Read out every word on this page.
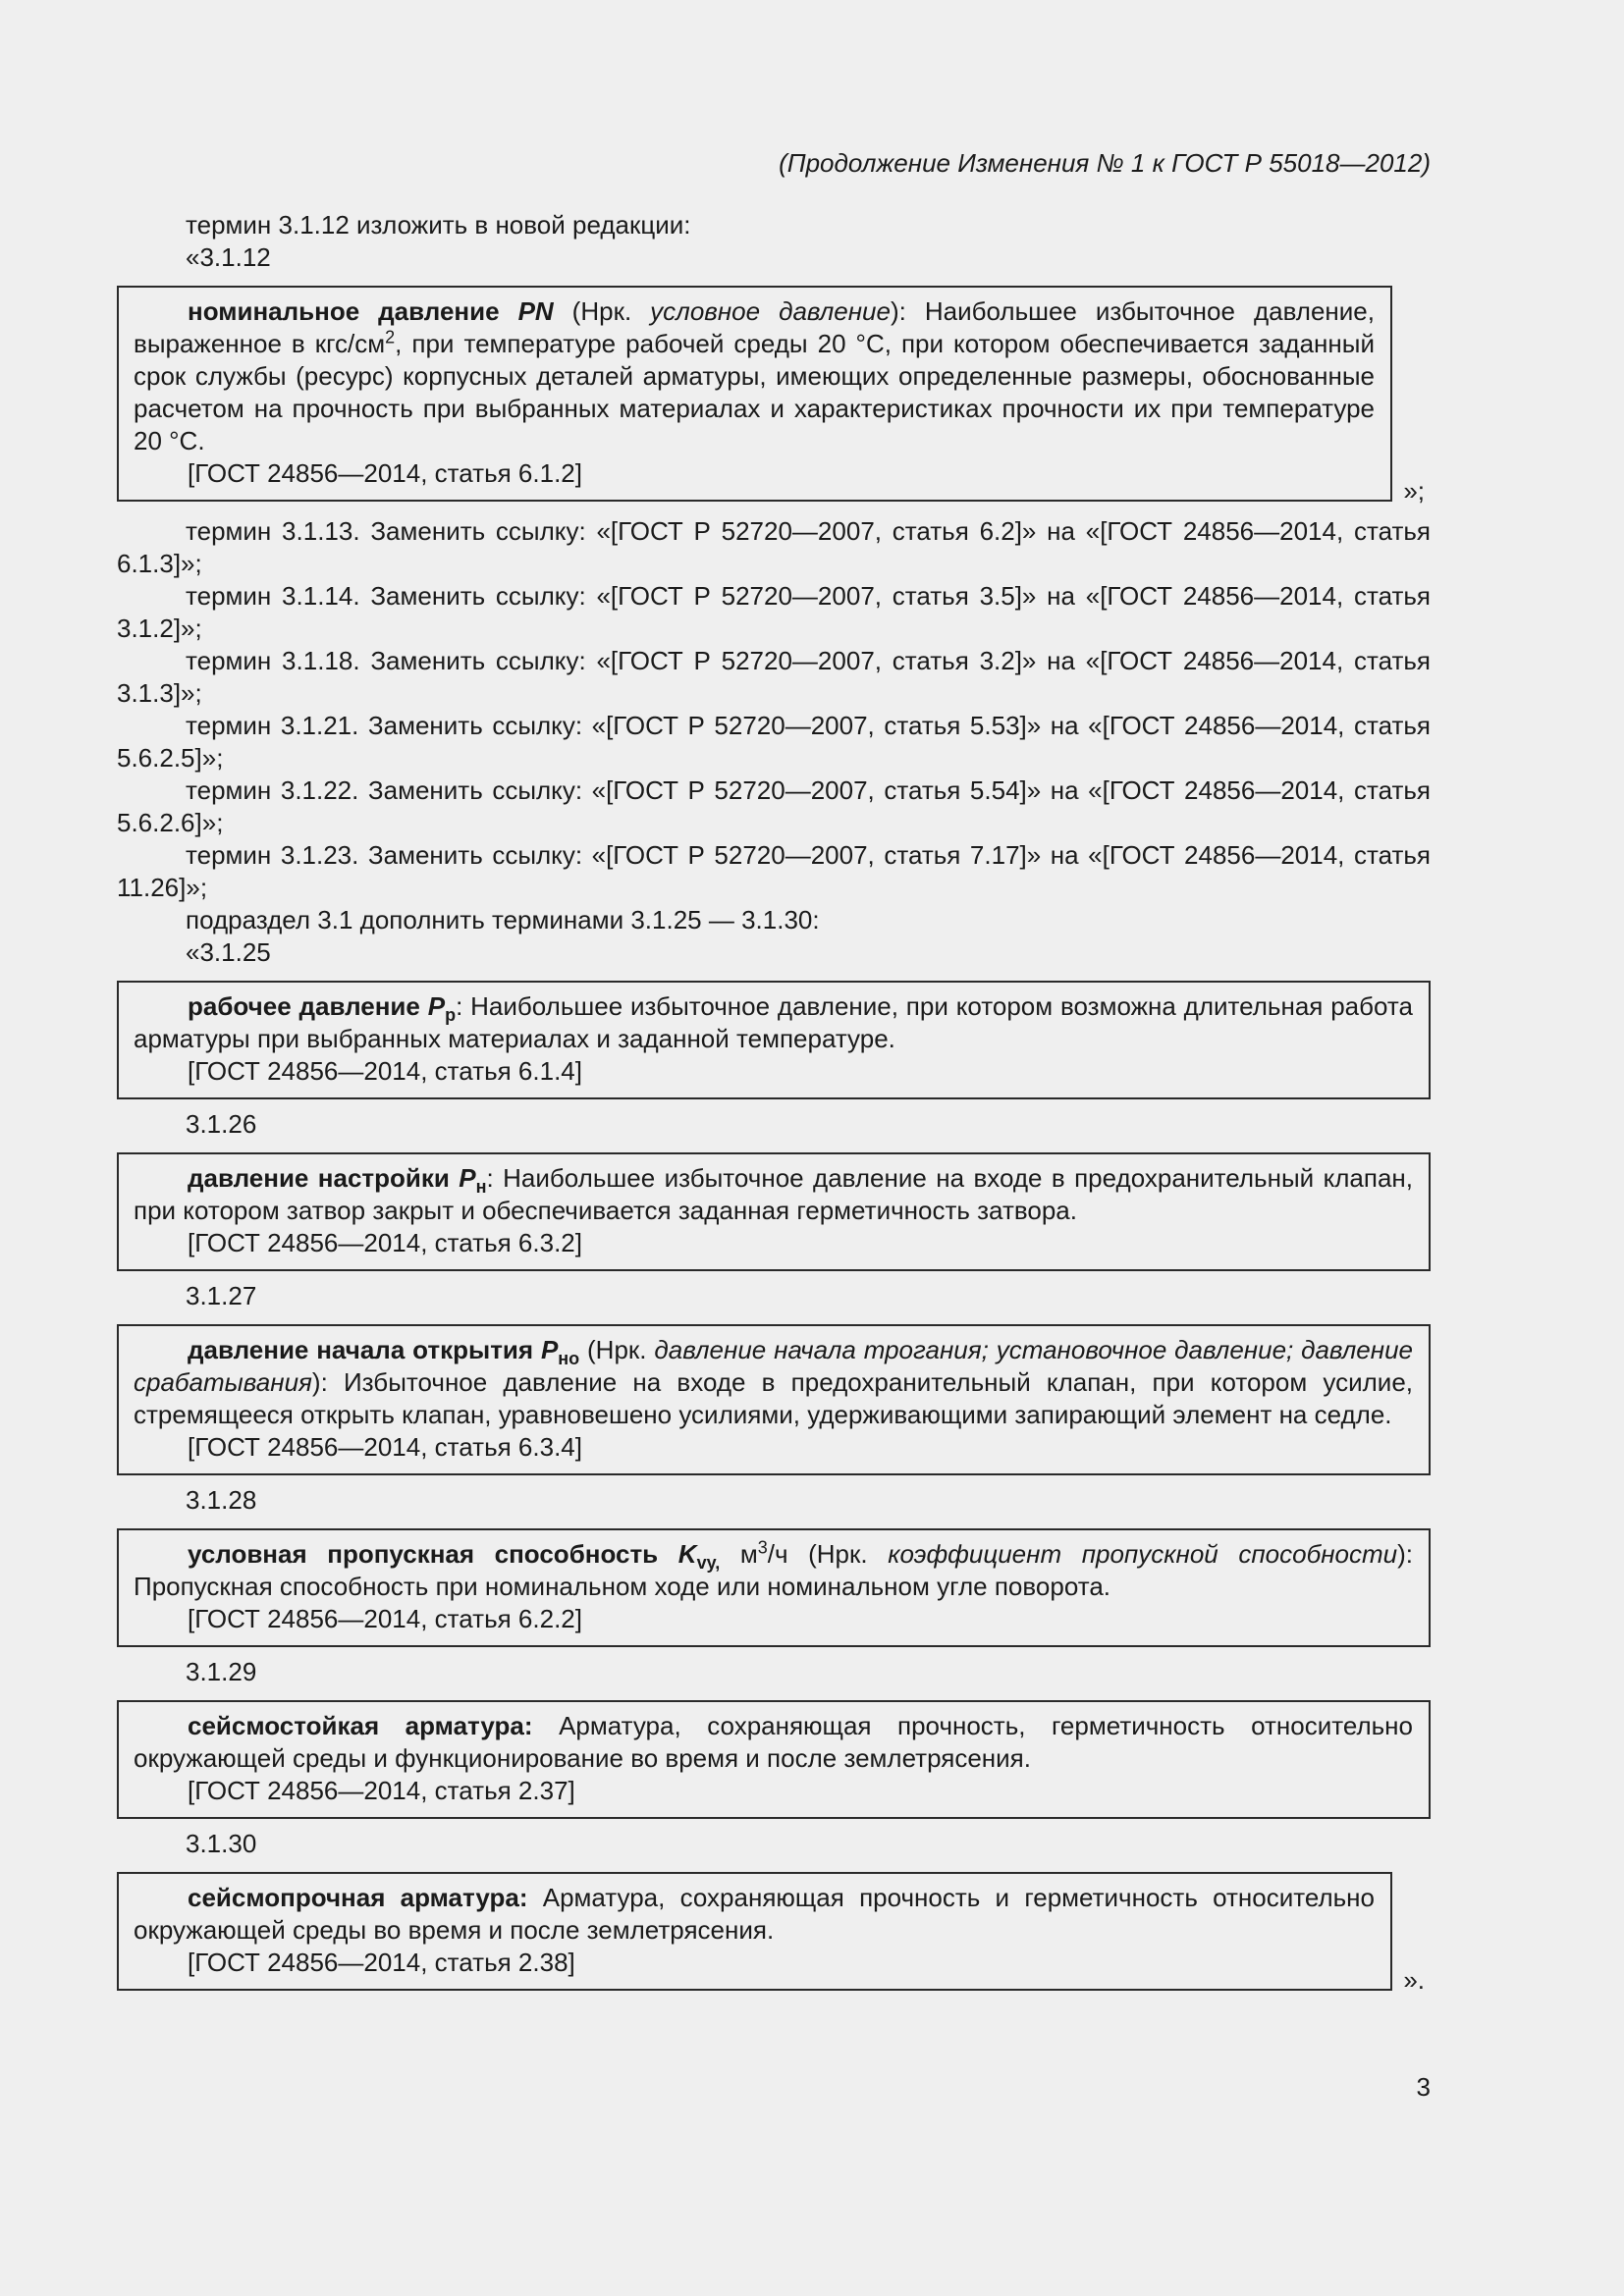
(Продолжение Изменения № 1 к ГОСТ Р 55018—2012)

термин 3.1.12 изложить в новой редакции:

«3.1.12

номинальное давление PN (Нрк. условное давление): Наибольшее избыточное давление, выраженное в кгс/$см^2$, при температуре рабочей среды 20 °С, при котором обеспечивается заданный срок службы (ресурс) корпусных деталей арматуры, имеющих определенные размеры, обоснованные расчетом на прочность при выбранных материалах и характеристиках прочности их при температуре 20 °С.

[ГОСТ 24856—2014, статья 6.1.2]

»;

термин 3.1.13. Заменить ссылку: «[ГОСТ Р 52720—2007, статья 6.2]» на «[ГОСТ 24856—2014, статья 6.1.3]»;

термин 3.1.14. Заменить ссылку: «[ГОСТ Р 52720—2007, статья 3.5]» на «[ГОСТ 24856—2014, статья 3.1.2]»;

термин 3.1.18. Заменить ссылку: «[ГОСТ Р 52720—2007, статья 3.2]» на «[ГОСТ 24856—2014, статья 3.1.3]»;

термин 3.1.21. Заменить ссылку: «[ГОСТ Р 52720—2007, статья 5.53]» на «[ГОСТ 24856—2014, статья 5.6.2.5]»;

термин 3.1.22. Заменить ссылку: «[ГОСТ Р 52720—2007, статья 5.54]» на «[ГОСТ 24856—2014, статья 5.6.2.6]»;

термин 3.1.23. Заменить ссылку: «[ГОСТ Р 52720—2007, статья 7.17]» на «[ГОСТ 24856—2014, статья 11.26]»;

подраздел 3.1 дополнить терминами 3.1.25 — 3.1.30:

«3.1.25

рабочее давление $P_р$: Наибольшее избыточное давление, при котором возможна длительная работа арматуры при выбранных материалах и заданной температуре.

[ГОСТ 24856—2014, статья 6.1.4]

3.1.26

давление настройки $P_н$: Наибольшее избыточное давление на входе в предохранительный клапан, при котором затвор закрыт и обеспечивается заданная герметичность затвора.

[ГОСТ 24856—2014, статья 6.3.2]

3.1.27

давление начала открытия $P_{но}$ (Нрк. давление начала трогания; установочное давление; давление срабатывания): Избыточное давление на входе в предохранительный клапан, при котором усилие, стремящееся открыть клапан, уравновешено усилиями, удерживающими запирающий элемент на седле.

[ГОСТ 24856—2014, статья 6.3.4]

3.1.28

условная пропускная способность $K_{vy,}$ $м^3/ч$ (Нрк. коэффициент пропускной способности): Пропускная способность при номинальном ходе или номинальном угле поворота.

[ГОСТ 24856—2014, статья 6.2.2]

3.1.29

сейсмостойкая арматура: Арматура, сохраняющая прочность, герметичность относительно окружающей среды и функционирование во время и после землетрясения.

[ГОСТ 24856—2014, статья 2.37]

3.1.30

сейсмопрочная арматура: Арматура, сохраняющая прочность и герметичность относительно окружающей среды во время и после землетрясения.

[ГОСТ 24856—2014, статья 2.38]

».
3
